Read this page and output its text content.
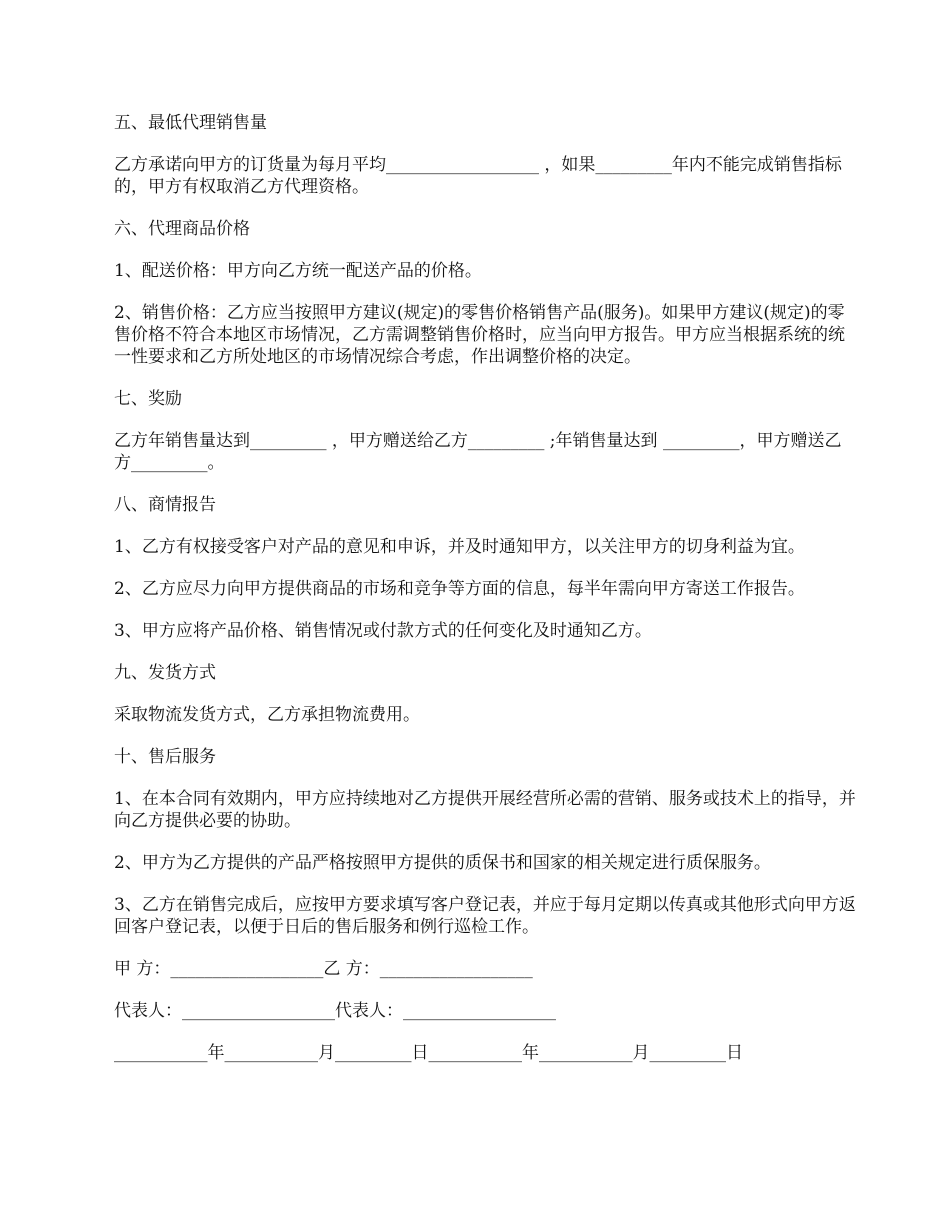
五、最低代理销售量

乙方承诺向甲方的订货量为每月平均__________________ ，如果_________年内不能完成销售指标的，甲方有权取消乙方代理资格。

六、代理商品价格

1、配送价格：甲方向乙方统一配送产品的价格。

2、销售价格：乙方应当按照甲方建议(规定)的零售价格销售产品(服务)。如果甲方建议(规定)的零售价格不符合本地区市场情况，乙方需调整销售价格时，应当向甲方报告。甲方应当根据系统的统一性要求和乙方所处地区的市场情况综合考虑，作出调整价格的决定。

七、奖励

乙方年销售量达到_________ ，甲方赠送给乙方_________ ;年销售量达到 _________，甲方赠送乙方_________。

八、商情报告

1、乙方有权接受客户对产品的意见和申诉，并及时通知甲方，以关注甲方的切身利益为宜。

2、乙方应尽力向甲方提供商品的市场和竞争等方面的信息，每半年需向甲方寄送工作报告。

3、甲方应将产品价格、销售情况或付款方式的任何变化及时通知乙方。

九、发货方式

采取物流发货方式，乙方承担物流费用。

十、售后服务

1、在本合同有效期内，甲方应持续地对乙方提供开展经营所必需的营销、服务或技术上的指导，并向乙方提供必要的协助。

2、甲方为乙方提供的产品严格按照甲方提供的质保书和国家的相关规定进行质保服务。

3、乙方在销售完成后，应按甲方要求填写客户登记表，并应于每月定期以传真或其他形式向甲方返回客户登记表，以便于日后的售后服务和例行巡检工作。

甲 方：__________________乙 方：__________________

代表人：__________________代表人：__________________

___________年___________月_________日___________年___________月_________日
